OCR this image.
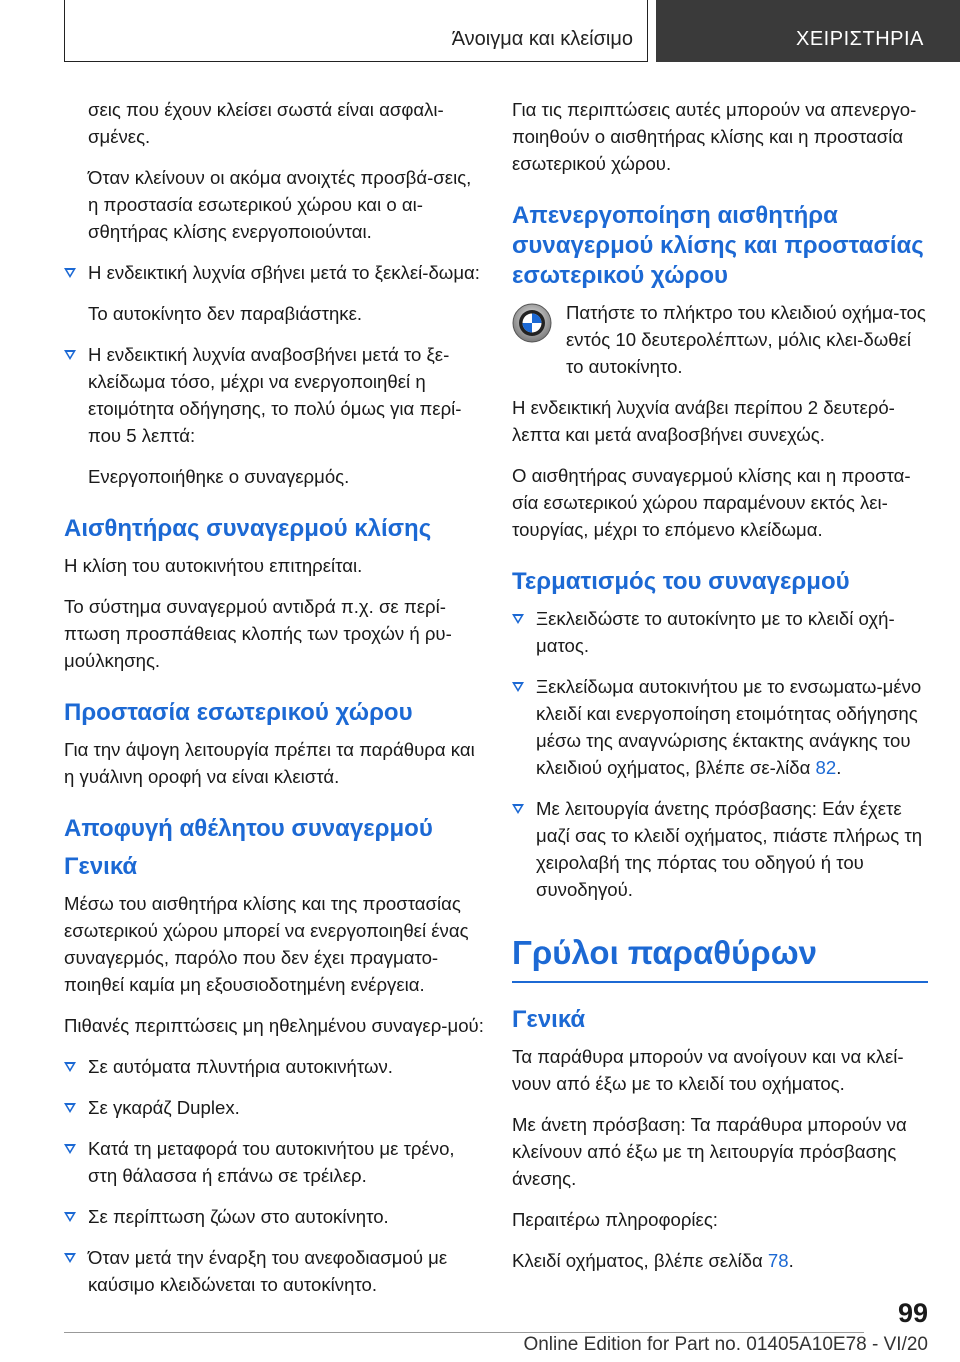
Άνοιγμα και κλείσιμο	ΧΕΙΡΙΣΤΗΡΙΑ

σεις που έχουν κλείσει σωστά είναι ασφαλι-σμένες.

Όταν κλείνουν οι ακόμα ανοιχτές προσβά-σεις, η προστασία εσωτερικού χώρου και ο αι-σθητήρας κλίσης ενεργοποιούνται.

Η ενδεικτική λυχνία σβήνει μετά το ξεκλεί-δωμα:

Το αυτοκίνητο δεν παραβιάστηκε.

Η ενδεικτική λυχνία αναβοσβήνει μετά το ξε-κλείδωμα τόσο, μέχρι να ενεργοποιηθεί η ετοιμότητα οδήγησης, το πολύ όμως για περί-που 5 λεπτά:

Ενεργοποιήθηκε ο συναγερμός.

Αισθητήρας συναγερμού κλίσης

Η κλίση του αυτοκινήτου επιτηρείται.

Το σύστημα συναγερμού αντιδρά π.χ. σε περί-πτωση προσπάθειας κλοπής των τροχών ή ρυ-μούλκησης.

Προστασία εσωτερικού χώρου

Για την άψογη λειτουργία πρέπει τα παράθυρα και η γυάλινη οροφή να είναι κλειστά.

Αποφυγή αθέλητου συναγερμού
Γενικά

Μέσω του αισθητήρα κλίσης και της προστασίας εσωτερικού χώρου μπορεί να ενεργοποιηθεί ένας συναγερμός, παρόλο που δεν έχει πραγματο-ποιηθεί καμία μη εξουσιοδοτημένη ενέργεια.

Πιθανές περιπτώσεις μη ηθελημένου συναγερ-μού:

Σε αυτόματα πλυντήρια αυτοκινήτων.
Σε γκαράζ Duplex.
Κατά τη μεταφορά του αυτοκινήτου με τρένο, στη θάλασσα ή επάνω σε τρέιλερ.
Σε περίπτωση ζώων στο αυτοκίνητο.
Όταν μετά την έναρξη του ανεφοδιασμού με καύσιμο κλειδώνεται το αυτοκίνητο.

Για τις περιπτώσεις αυτές μπορούν να απενεργο-ποιηθούν ο αισθητήρας κλίσης και η προστασία εσωτερικού χώρου.

Απενεργοποίηση αισθητήρα συναγερμού κλίσης και προστασίας εσωτερικού χώρου

Πατήστε το πλήκτρο του κλειδιού οχήμα-τος εντός 10 δευτερολέπτων, μόλις κλει-δωθεί το αυτοκίνητο.

Η ενδεικτική λυχνία ανάβει περίπου 2 δευτερό-λεπτα και μετά αναβοσβήνει συνεχώς.

Ο αισθητήρας συναγερμού κλίσης και η προστα-σία εσωτερικού χώρου παραμένουν εκτός λει-τουργίας, μέχρι το επόμενο κλείδωμα.

Τερματισμός του συναγερμού
Ξεκλειδώστε το αυτοκίνητο με το κλειδί οχή-ματος.
Ξεκλείδωμα αυτοκινήτου με το ενσωματω-μένο κλειδί και ενεργοποίηση ετοιμότητας οδήγησης μέσω της αναγνώρισης έκτακτης ανάγκης του κλειδιού οχήματος, βλέπε σε-λίδα 82.
Με λειτουργία άνετης πρόσβασης: Εάν έχετε μαζί σας το κλειδί οχήματος, πιάστε πλήρως τη χειρολαβή της πόρτας του οδηγού ή του συνοδηγού.
Γρύλοι παραθύρων
Γενικά

Τα παράθυρα μπορούν να ανοίγουν και να κλεί-νουν από έξω με το κλειδί του οχήματος.

Με άνετη πρόσβαση: Τα παράθυρα μπορούν να κλείνουν από έξω με τη λειτουργία πρόσβασης άνεσης.

Περαιτέρω πληροφορίες:

Κλειδί οχήματος, βλέπε σελίδα 78.

99
Online Edition for Part no. 01405A10E78 - VI/20
